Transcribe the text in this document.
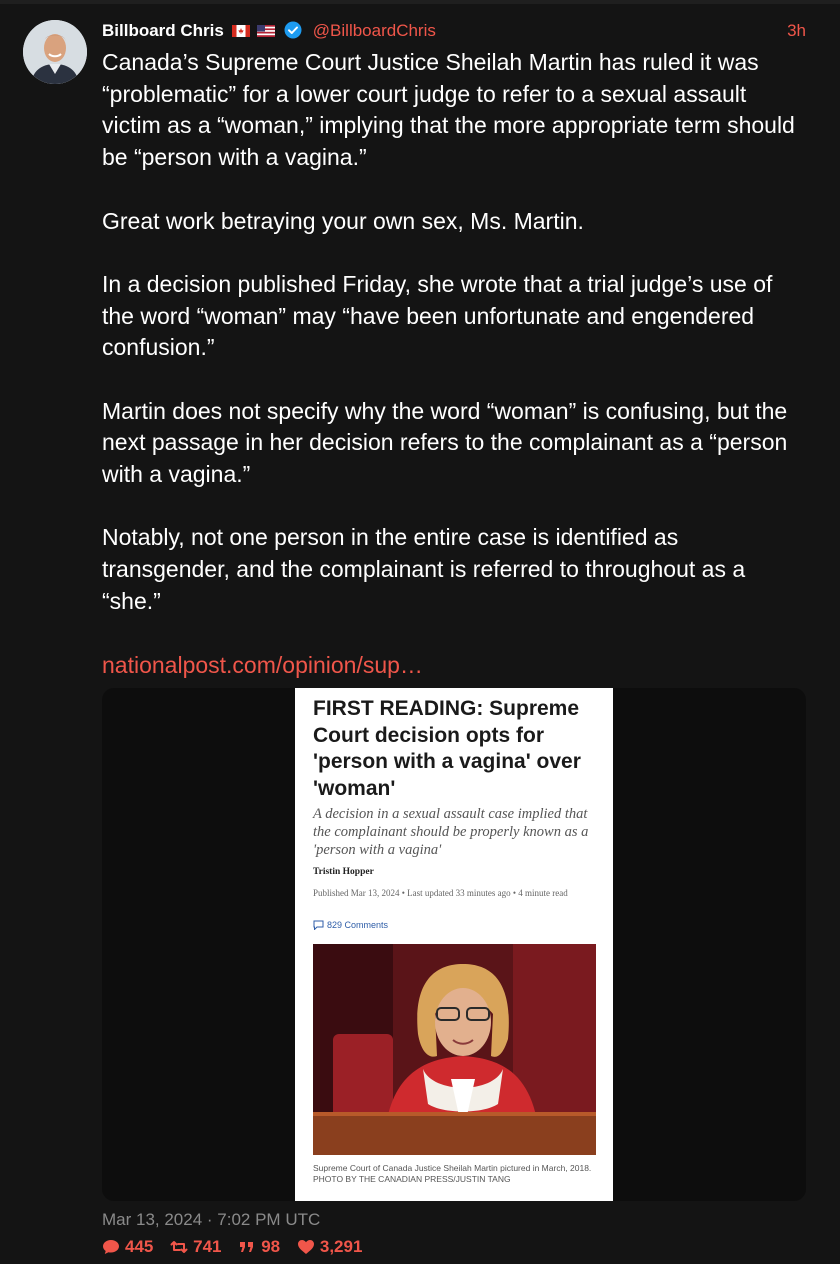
Billboard Chris	@BillboardChris	3h

Canada’s Supreme Court Justice Sheilah Martin has ruled it was “problematic” for a lower court judge to refer to a sexual assault victim as a “woman,” implying that the more appropriate term should be “person with a vagina.”

Great work betraying your own sex, Ms. Martin.

In a decision published Friday, she wrote that a trial judge’s use of the word “woman” may “have been unfortunate and engendered confusion.”

Martin does not specify why the word “woman” is confusing, but the next passage in her decision refers to the complainant as a “person with a vagina.”

Notably, not one person in the entire case is identified as transgender, and the complainant is referred to throughout as a “she.”

nationalpost.com/opinion/sup…
FIRST READING: Supreme Court decision opts for 'person with a vagina' over 'woman'
A decision in a sexual assault case implied that the complainant should be properly known as a 'person with a vagina'
Tristin Hopper
Published Mar 13, 2024 • Last updated 33 minutes ago • 4 minute read
829 Comments
Supreme Court of Canada Justice Sheilah Martin pictured in March, 2018. PHOTO BY THE CANADIAN PRESS/JUSTIN TANG
Mar 13, 2024 · 7:02 PM UTC
445
741
98
3,291
